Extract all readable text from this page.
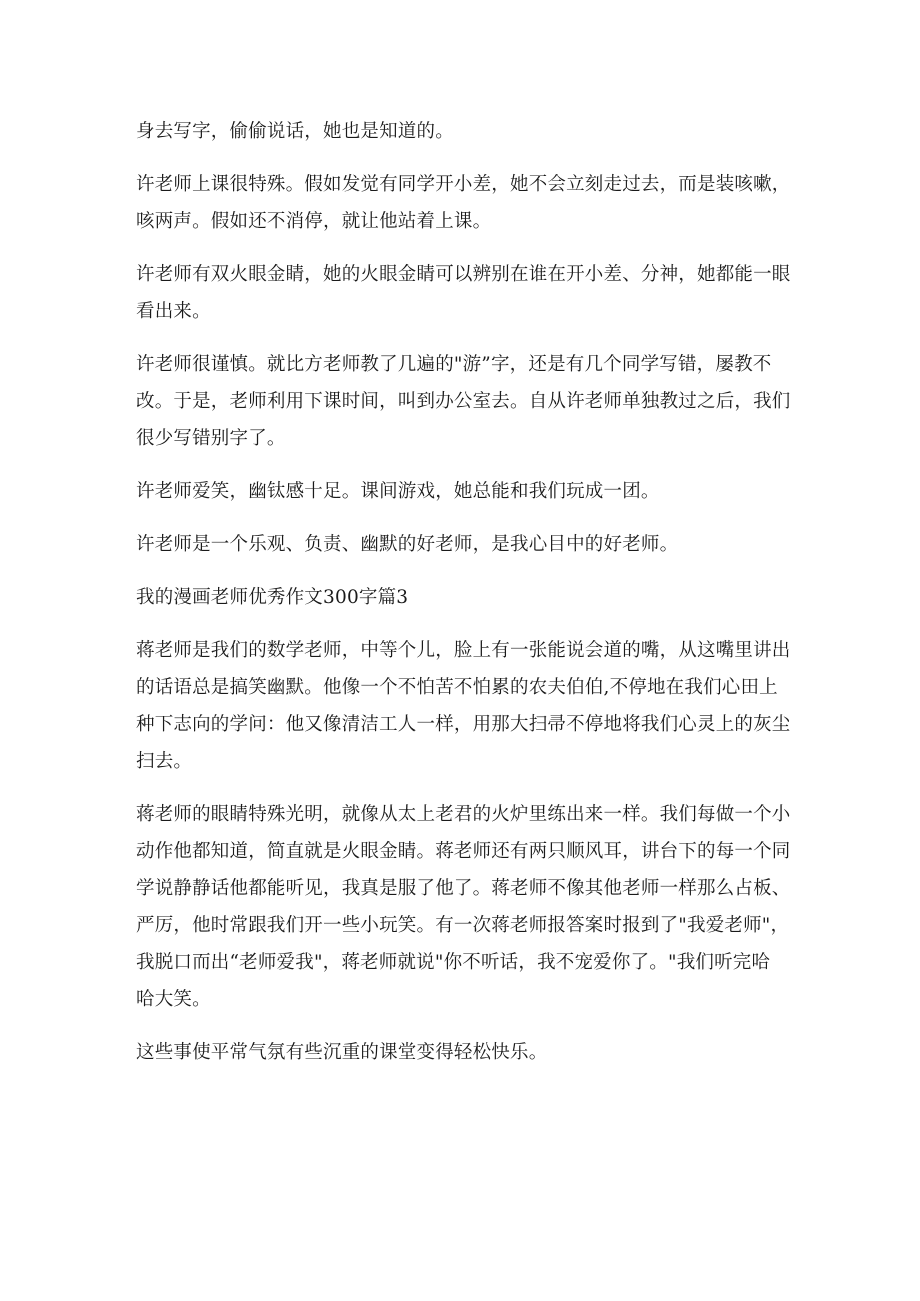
身去写字，偷偷说话，她也是知道的。
许老师上课很特殊。假如发觉有同学开小差，她不会立刻走过去，而是装咳嗽，
咳两声。假如还不消停，就让他站着上课。
许老师有双火眼金睛，她的火眼金睛可以辨别在谁在开小差、分神，她都能一眼
看出来。
许老师很谨慎。就比方老师教了几遍的"游”字，还是有几个同学写错，屡教不
改。于是，老师利用下课时间，叫到办公室去。自从许老师单独教过之后，我们
很少写错别字了。
许老师爱笑，幽钛感十足。课间游戏，她总能和我们玩成一团。
许老师是一个乐观、负责、幽默的好老师，是我心目中的好老师。
我的漫画老师优秀作文300字篇3
蒋老师是我们的数学老师，中等个儿，脸上有一张能说会道的嘴，从这嘴里讲出
的话语总是搞笑幽默。他像一个不怕苦不怕累的农夫伯伯,不停地在我们心田上
种下志向的学问：他又像清洁工人一样，用那大扫帚不停地将我们心灵上的灰尘
扫去。
蒋老师的眼睛特殊光明，就像从太上老君的火炉里练出来一样。我们每做一个小
动作他都知道，简直就是火眼金睛。蒋老师还有两只顺风耳，讲台下的每一个同
学说静静话他都能听见，我真是服了他了。蒋老师不像其他老师一样那么占板、
严厉，他时常跟我们开一些小玩笑。有一次蒋老师报答案时报到了"我爱老师"，
我脱口而出“老师爱我"，蒋老师就说"你不听话，我不宠爱你了。"我们听完哈
哈大笑。
这些事使平常气氛有些沉重的课堂变得轻松快乐。
